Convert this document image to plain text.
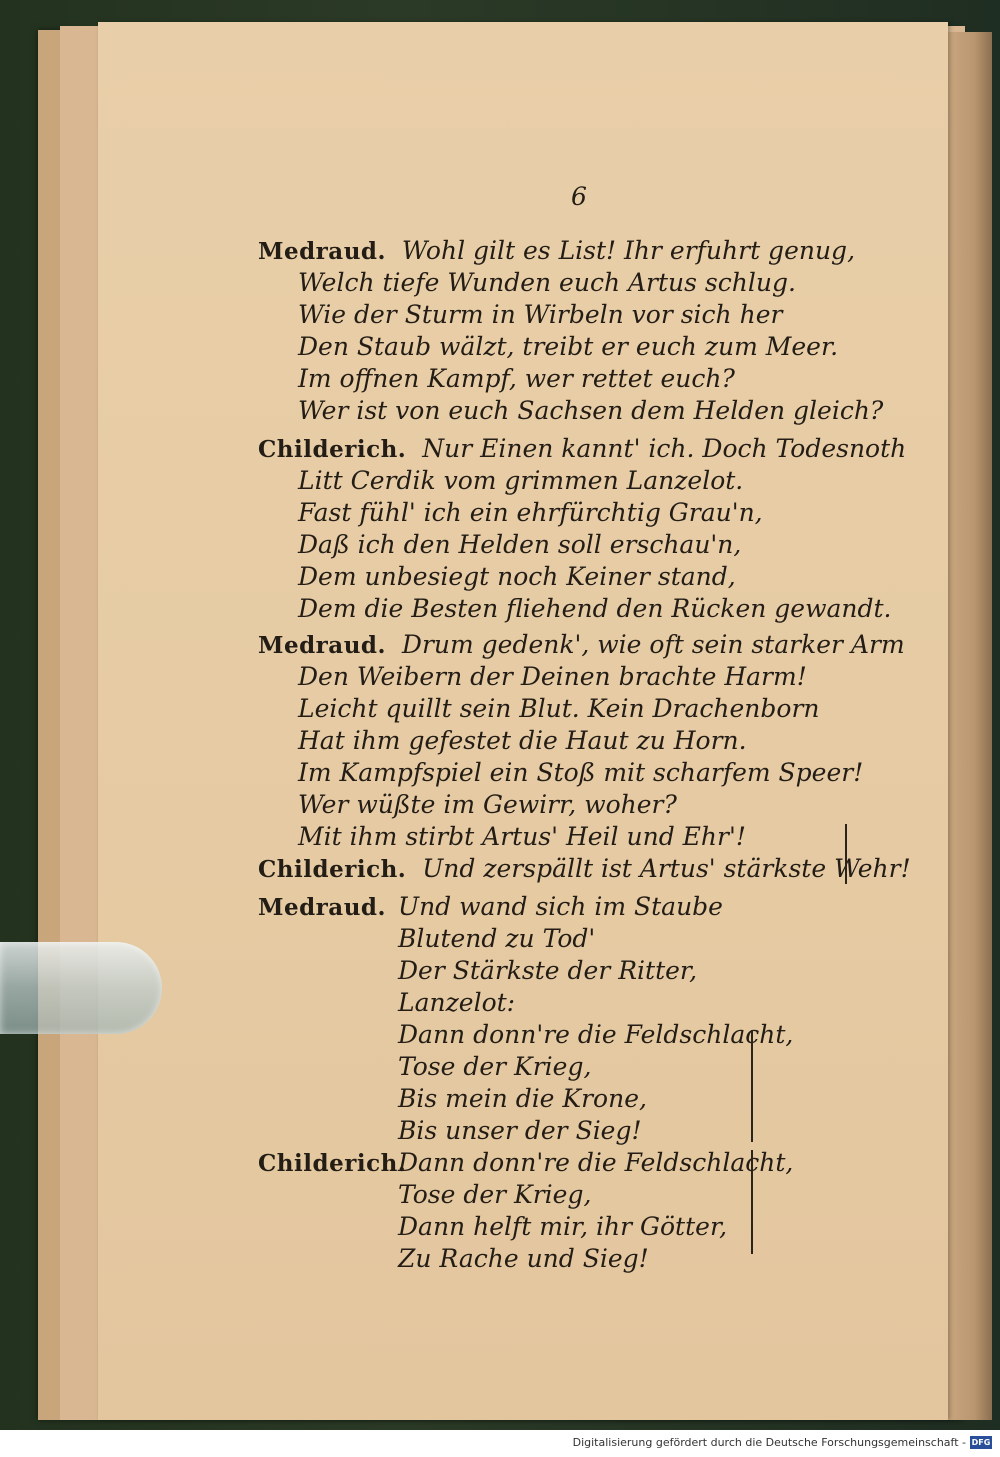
6
Medraud. Wohl gilt es List! Ihr erfuhrt genug,
Welch tiefe Wunden euch Artus schlug.
Wie der Sturm in Wirbeln vor sich her
Den Staub wälzt, treibt er euch zum Meer.
Im offnen Kampf, wer rettet euch?
Wer ist von euch Sachsen dem Helden gleich?
Childerich. Nur Einen kannt' ich. Doch Todesnoth
Litt Cerdik vom grimmen Lanzelot.
Fast fühl' ich ein ehrfürchtig Grau'n,
Daß ich den Helden soll erschau'n,
Dem unbesiegt noch Keiner stand,
Dem die Besten fliehend den Rücken gewandt.
Medraud. Drum gedenk', wie oft sein starker Arm
Den Weibern der Deinen brachte Harm!
Leicht quillt sein Blut. Kein Drachenborn
Hat ihm gefestet die Haut zu Horn.
Im Kampfspiel ein Stoß mit scharfem Speer!
Wer wüßte im Gewirr, woher?
Mit ihm stirbt Artus' Heil und Ehr'!
Childerich. Und zerspällt ist Artus' stärkste Wehr!
Medraud. Und wand sich im Staube
Blutend zu Tod'
Der Stärkste der Ritter,
Lanzelot:
Dann donn're die Feldschlacht,
Tose der Krieg,
Bis mein die Krone,
Bis unser der Sieg!
Childerich.
Dann donn're die Feldschlacht,
Tose der Krieg,
Dann helft mir, ihr Götter,
Zu Rache und Sieg!
Digitalisierung gefördert durch die Deutsche Forschungsgemeinschaft - DFG
